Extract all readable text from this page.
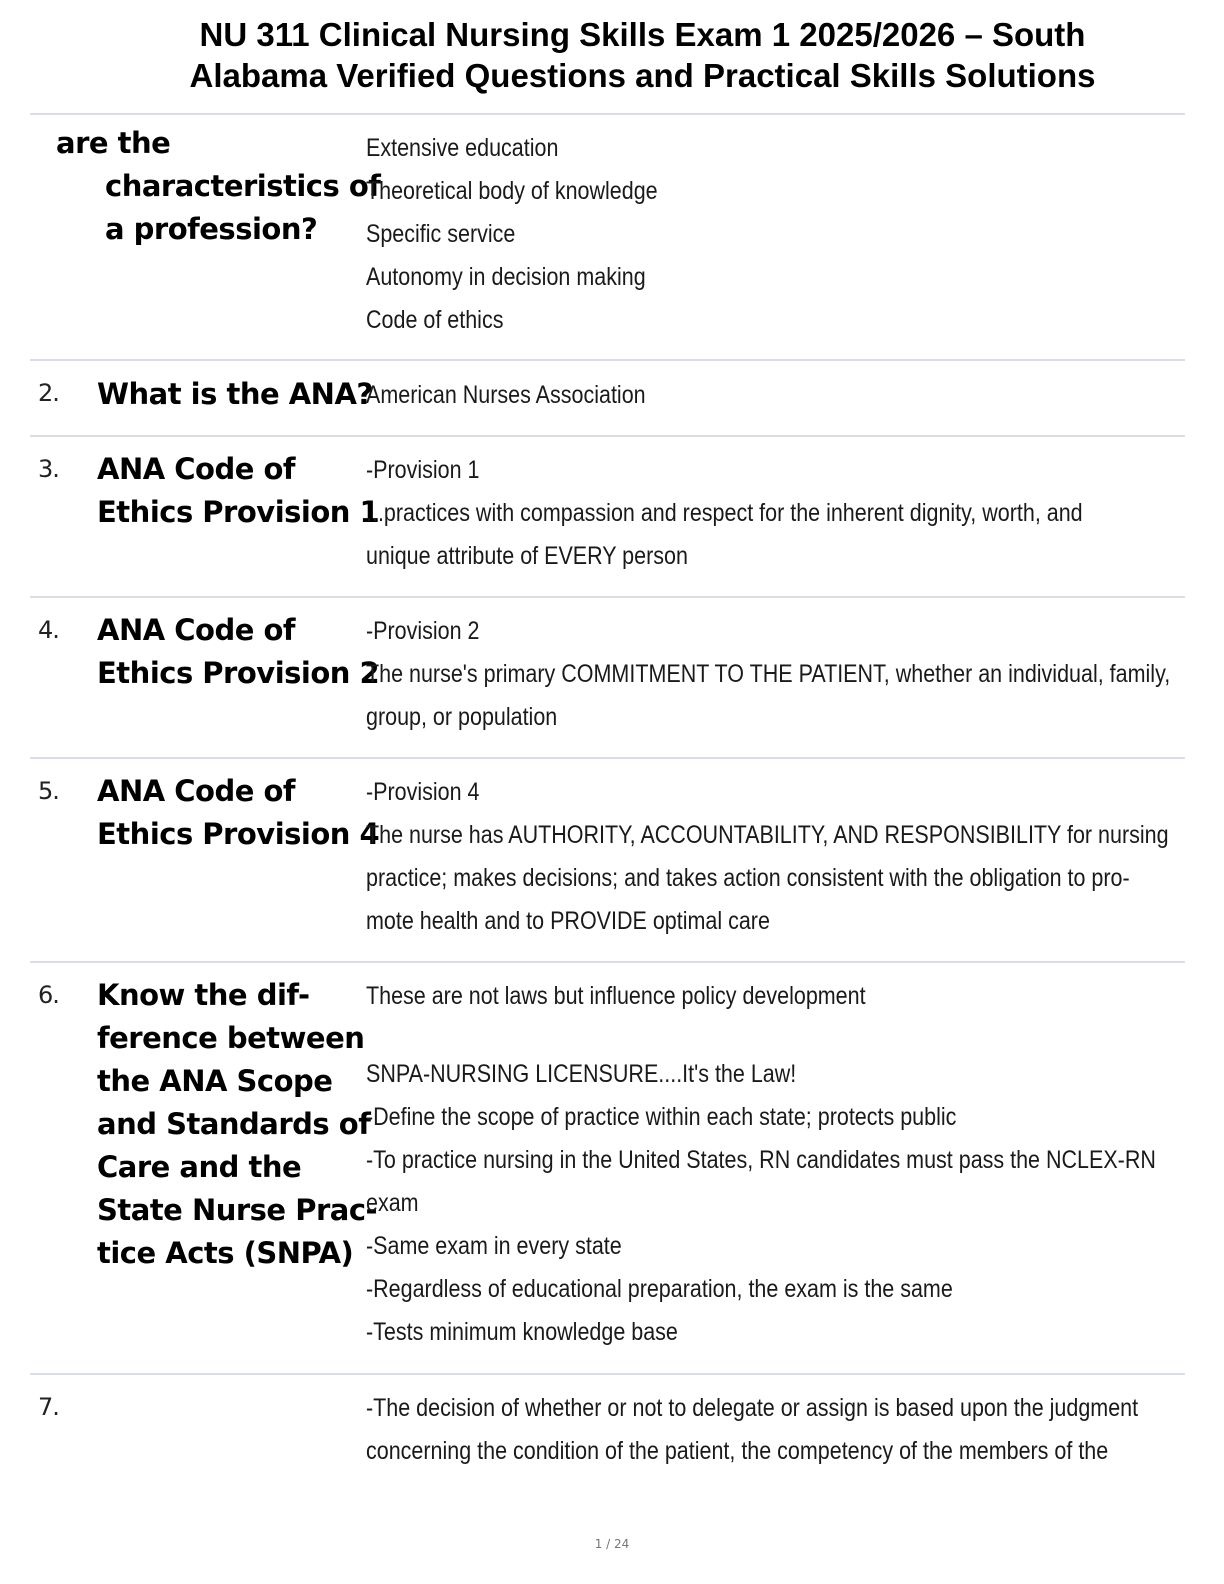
NU 311 Clinical Nursing Skills Exam 1 2025/2026 – South
Alabama Verified Questions and Practical Skills Solutions
are the
characteristics of
a profession?
Extensive education
Theoretical body of knowledge
Specific service
Autonomy in decision making
Code of ethics
2. What is the ANA?
American Nurses Association
3. ANA Code of
Ethics Provision 1
-Provision 1
...practices with compassion and respect for the inherent dignity, worth, and
unique attribute of EVERY person
4. ANA Code of
Ethics Provision 2
-Provision 2
The nurse's primary COMMITMENT TO THE PATIENT, whether an individual, family,
group, or population
5. ANA Code of
Ethics Provision 4
-Provision 4
The nurse has AUTHORITY, ACCOUNTABILITY, AND RESPONSIBILITY for nursing
practice; makes decisions; and takes action consistent with the obligation to pro-
mote health and to PROVIDE optimal care
6. Know the dif-
ference between
the ANA Scope
and Standards of
Care and the
State Nurse Prac-
tice Acts (SNPA)
These are not laws but influence policy development
SNPA-NURSING LICENSURE....It's the Law!
-Define the scope of practice within each state; protects public
-To practice nursing in the United States, RN candidates must pass the NCLEX-RN
exam
-Same exam in every state
-Regardless of educational preparation, the exam is the same
-Tests minimum knowledge base
7.	-The decision of whether or not to delegate or assign is based upon the judgment
concerning the condition of the patient, the competency of the members of the
1 / 24
